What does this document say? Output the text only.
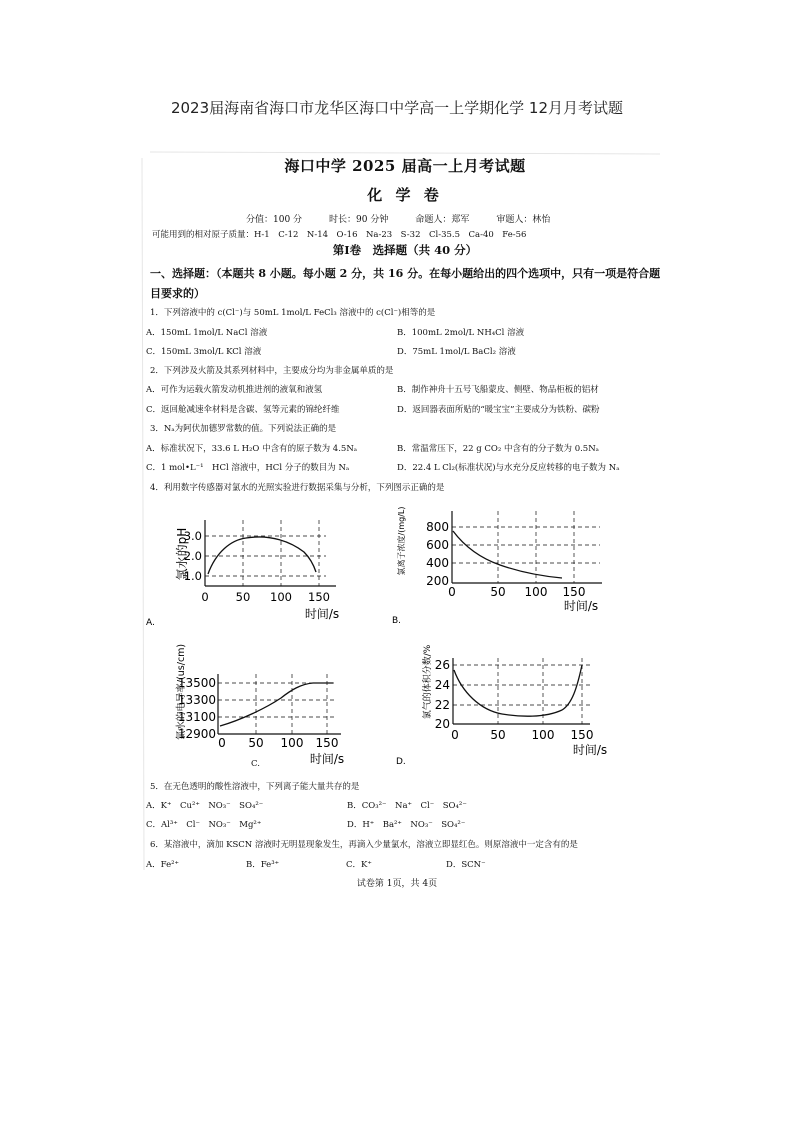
2023届海南省海口市龙华区海口中学高一上学期化学 12月月考试题
海口中学 2025 届高一上月考试题
化 学 卷
分值：100 分　　　时长：90 分钟　　　命题人：郑军　　　审题人：林怡
可能用到的相对原子质量：H-1　C-12　N-14　O-16　Na-23　S-32　Cl-35.5　Ca-40　Fe-56
第Ⅰ卷　选择题（共 40 分）
一、选择题：（本题共 8 小题。每小题 2 分，共 16 分。在每小题给出的四个选项中，只有一项是符合题目要求的）
1．下列溶液中的 c(Cl⁻)与 50mL 1mol/L FeCl₃ 溶液中的 c(Cl⁻)相等的是
A．150mL 1mol/L NaCl 溶液	B．100mL 2mol/L NH₄Cl 溶液
C．150mL 3mol/L KCl 溶液	D．75mL 1mol/L BaCl₂ 溶液
2．下列涉及火箭及其系列材料中，主要成分均为非金属单质的是
A．可作为运载火箭发动机推进剂的液氧和液氢	B．制作神舟十五号飞船蒙皮、侧壁、物品柜板的铝材
C．返回舱减速伞材料是含碳、氢等元素的锦纶纤维	D．返回器表面所贴的“暖宝宝”主要成分为铁粉、碳粉
3．Nₐ为阿伏加德罗常数的值。下列说法正确的是
A．标准状况下，33.6 L H₂O 中含有的原子数为 4.5Nₐ	B．常温常压下，22 g CO₂ 中含有的分子数为 0.5Nₐ
C．1 mol•L⁻¹　HCl 溶液中，HCl 分子的数目为 Nₐ	D．22.4 L Cl₂(标准状况)与水充分反应转移的电子数为 Nₐ
4．利用数字传感器对氯水的光照实验进行数据采集与分析，下列图示正确的是
氯水的pH
3.0
2.0
1.0
0 50 100 150
时间/s
A.
氯离子浓度/(mg/L) 800
600
400
200
0	50 100 150
时间/s
B.
氯水的电导率/(us/cm)
13500
13300
13100
12900
0 50 100 150
时间/s
C.
氯气的体积分数/% 26
24
22
20
0	50 100 150
时间/s
D.
5．在无色透明的酸性溶液中，下列离子能大量共存的是
A．K⁺　Cu²⁺　NO₃⁻　SO₄²⁻	B．CO₃²⁻　Na⁺　Cl⁻　SO₄²⁻
C．Al³⁺　Cl⁻　NO₃⁻　Mg²⁺	D．H⁺　Ba²⁺　NO₃⁻　SO₄²⁻
6．某溶液中，滴加 KSCN 溶液时无明显现象发生，再滴入少量氯水，溶液立即显红色。则原溶液中一定含有的是
A．Fe²⁺	B．Fe³⁺	C．K⁺	D．SCN⁻
试卷第 1页，共 4页
